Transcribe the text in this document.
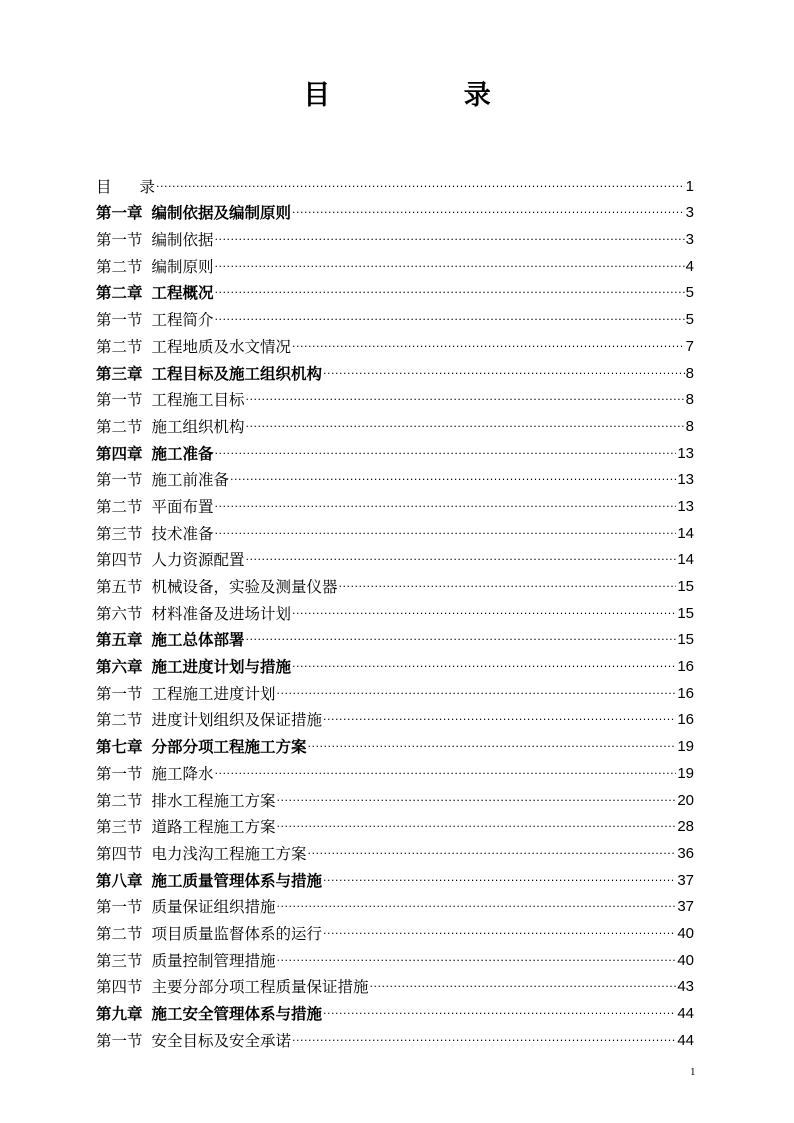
目 录
目 录 ·····	1
第一章 编制依据及编制原则 ·····	3
第一节 编制依据 ·····	3
第二节 编制原则 ·····	4
第二章 工程概况 ·····	5
第一节 工程简介 ·····	5
第二节 工程地质及水文情况 ·····	7
第三章 工程目标及施工组织机构 ·····	8
第一节 工程施工目标 ·····	8
第二节 施工组织机构 ·····	8
第四章 施工准备 ·····	13
第一节 施工前准备 ·····	13
第二节 平面布置 ·····	13
第三节 技术准备 ·····	14
第四节 人力资源配置 ·····	14
第五节 机械设备，实验及测量仪器 ·····	15
第六节 材料准备及进场计划 ·····	15
第五章 施工总体部署 ·····	15
第六章 施工进度计划与措施 ·····	16
第一节 工程施工进度计划 ·····	16
第二节 进度计划组织及保证措施 ·····	16
第七章 分部分项工程施工方案 ·····	19
第一节 施工降水 ·····	19
第二节 排水工程施工方案 ·····	20
第三节 道路工程施工方案 ·····	28
第四节 电力浅沟工程施工方案 ·····	36
第八章 施工质量管理体系与措施 ·····	37
第一节 质量保证组织措施 ·····	37
第二节 项目质量监督体系的运行 ·····	40
第三节 质量控制管理措施 ·····	40
第四节 主要分部分项工程质量保证措施 ·····	43
第九章 施工安全管理体系与措施 ·····	44
第一节 安全目标及安全承诺 ·····	44
1
